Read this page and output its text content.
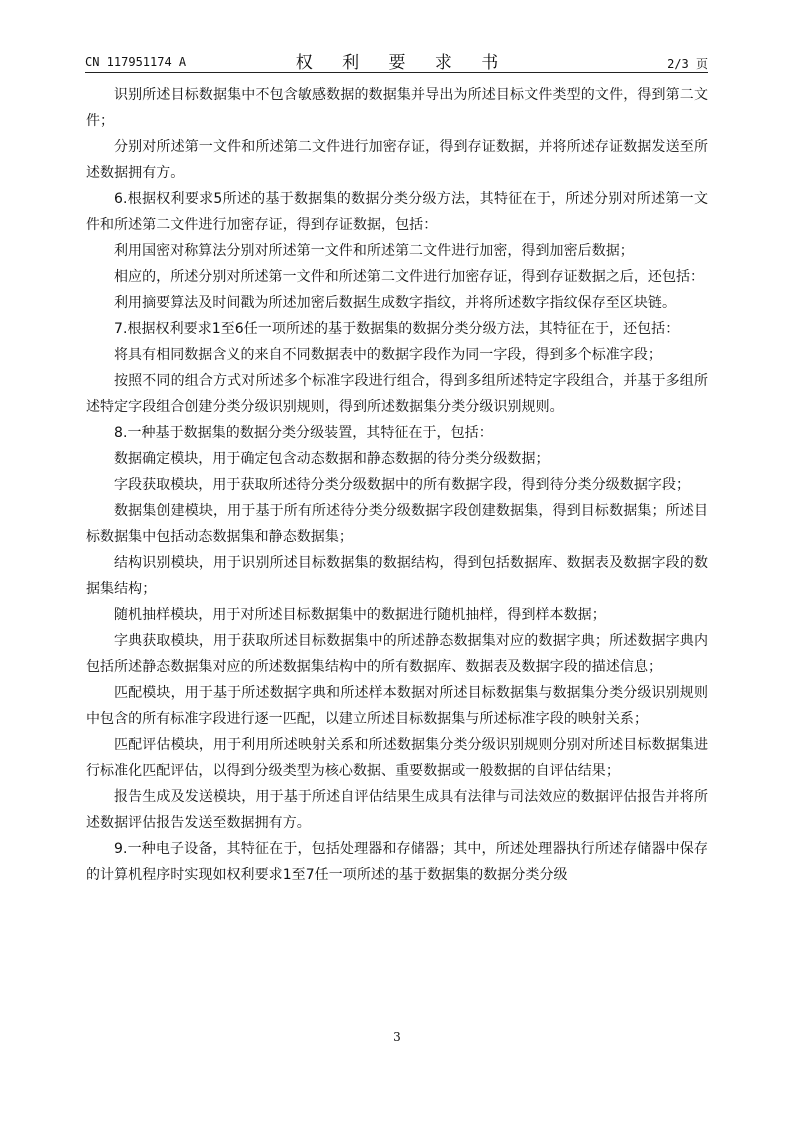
CN 117951174 A	权 利 要 求 书	2/3 页

识别所述目标数据集中不包含敏感数据的数据集并导出为所述目标文件类型的文件，得到第二文件；

分别对所述第一文件和所述第二文件进行加密存证，得到存证数据，并将所述存证数据发送至所述数据拥有方。

6.根据权利要求5所述的基于数据集的数据分类分级方法，其特征在于，所述分别对所述第一文件和所述第二文件进行加密存证，得到存证数据，包括：

利用国密对称算法分别对所述第一文件和所述第二文件进行加密，得到加密后数据；

相应的，所述分别对所述第一文件和所述第二文件进行加密存证，得到存证数据之后，还包括：

利用摘要算法及时间戳为所述加密后数据生成数字指纹，并将所述数字指纹保存至区块链。

7.根据权利要求1至6任一项所述的基于数据集的数据分类分级方法，其特征在于，还包括：

将具有相同数据含义的来自不同数据表中的数据字段作为同一字段，得到多个标准字段；

按照不同的组合方式对所述多个标准字段进行组合，得到多组所述特定字段组合，并基于多组所述特定字段组合创建分类分级识别规则，得到所述数据集分类分级识别规则。

8.一种基于数据集的数据分类分级装置，其特征在于，包括：

数据确定模块，用于确定包含动态数据和静态数据的待分类分级数据；

字段获取模块，用于获取所述待分类分级数据中的所有数据字段，得到待分类分级数据字段；

数据集创建模块，用于基于所有所述待分类分级数据字段创建数据集，得到目标数据集；所述目标数据集中包括动态数据集和静态数据集；

结构识别模块，用于识别所述目标数据集的数据结构，得到包括数据库、数据表及数据字段的数据集结构；

随机抽样模块，用于对所述目标数据集中的数据进行随机抽样，得到样本数据；

字典获取模块，用于获取所述目标数据集中的所述静态数据集对应的数据字典；所述数据字典内包括所述静态数据集对应的所述数据集结构中的所有数据库、数据表及数据字段的描述信息；

匹配模块，用于基于所述数据字典和所述样本数据对所述目标数据集与数据集分类分级识别规则中包含的所有标准字段进行逐一匹配，以建立所述目标数据集与所述标准字段的映射关系；

匹配评估模块，用于利用所述映射关系和所述数据集分类分级识别规则分别对所述目标数据集进行标准化匹配评估，以得到分级类型为核心数据、重要数据或一般数据的自评估结果；

报告生成及发送模块，用于基于所述自评估结果生成具有法律与司法效应的数据评估报告并将所述数据评估报告发送至数据拥有方。

9.一种电子设备，其特征在于，包括处理器和存储器；其中，所述处理器执行所述存储器中保存的计算机程序时实现如权利要求1至7任一项所述的基于数据集的数据分类分级

3
